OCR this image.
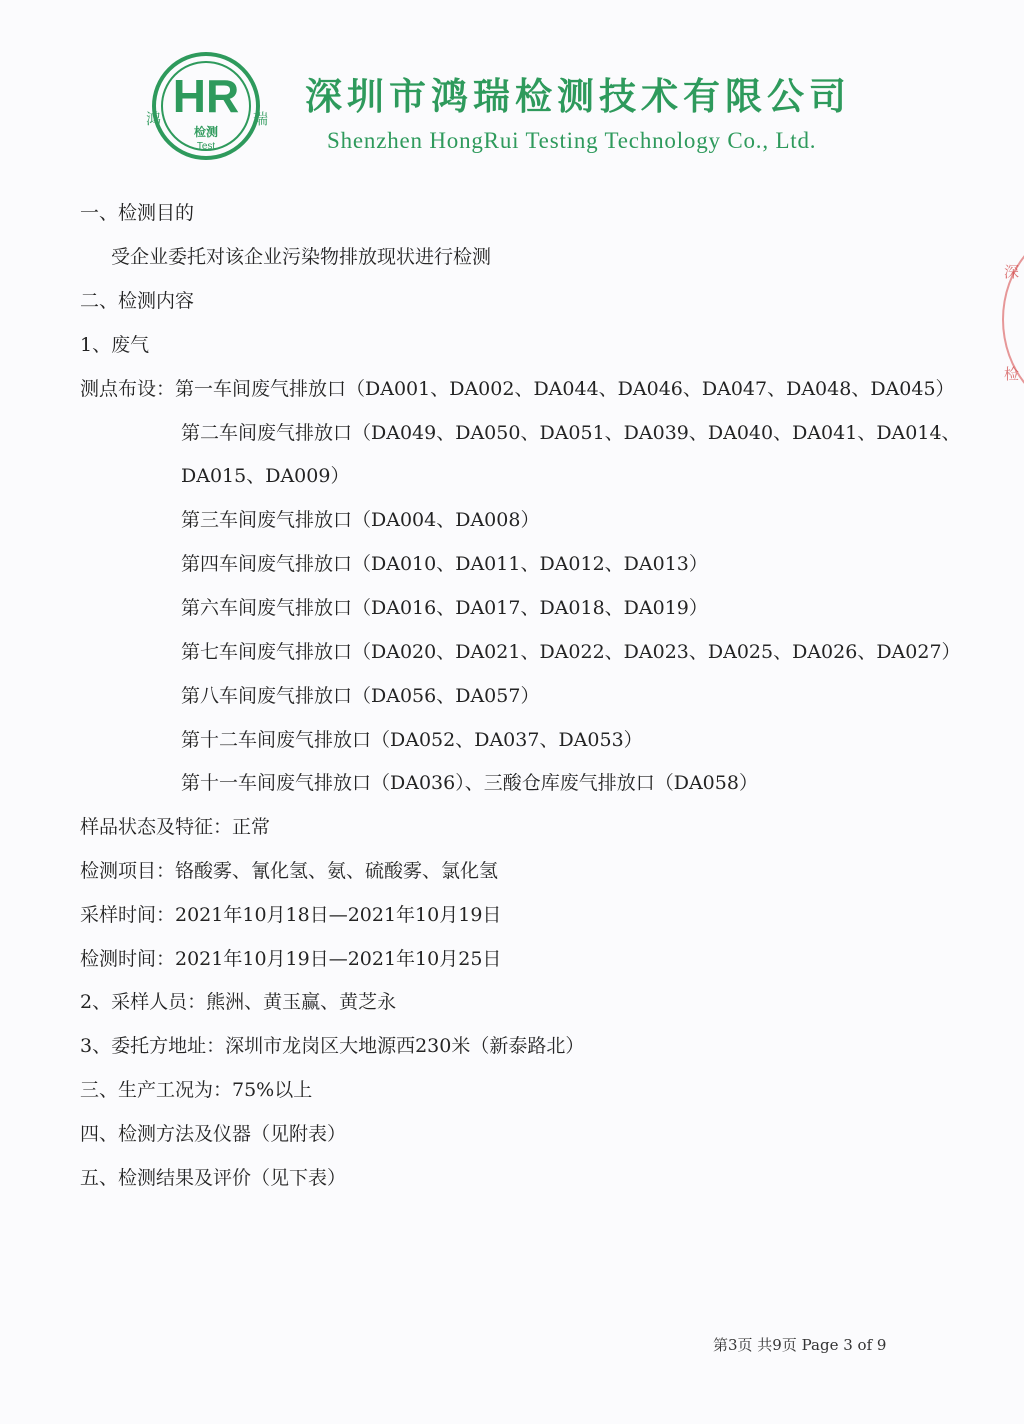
HR
鸿	瑞
检测
Test
深圳市鸿瑞检测技术有限公司
Shenzhen HongRui Testing Technology Co., Ltd.
一、检测目的
受企业委托对该企业污染物排放现状进行检测
二、检测内容
1、废气
测点布设：第一车间废气排放口（DA001、DA002、DA044、DA046、DA047、DA048、DA045）
第二车间废气排放口（DA049、DA050、DA051、DA039、DA040、DA041、DA014、
DA015、DA009）
第三车间废气排放口（DA004、DA008）
第四车间废气排放口（DA010、DA011、DA012、DA013）
第六车间废气排放口（DA016、DA017、DA018、DA019）
第七车间废气排放口（DA020、DA021、DA022、DA023、DA025、DA026、DA027）
第八车间废气排放口（DA056、DA057）
第十二车间废气排放口（DA052、DA037、DA053）
第十一车间废气排放口（DA036）、三酸仓库废气排放口（DA058）
样品状态及特征：正常
检测项目：铬酸雾、氰化氢、氨、硫酸雾、氯化氢
采样时间：2021年10月18日—2021年10月19日
检测时间：2021年10月19日—2021年10月25日
2、采样人员：熊洲、黄玉赢、黄芝永
3、委托方地址：深圳市龙岗区大地源西230米（新泰路北）
三、生产工况为：75%以上
四、检测方法及仪器（见附表）
五、检测结果及评价（见下表）
第3页 共9页 Page 3 of 9
深
检
